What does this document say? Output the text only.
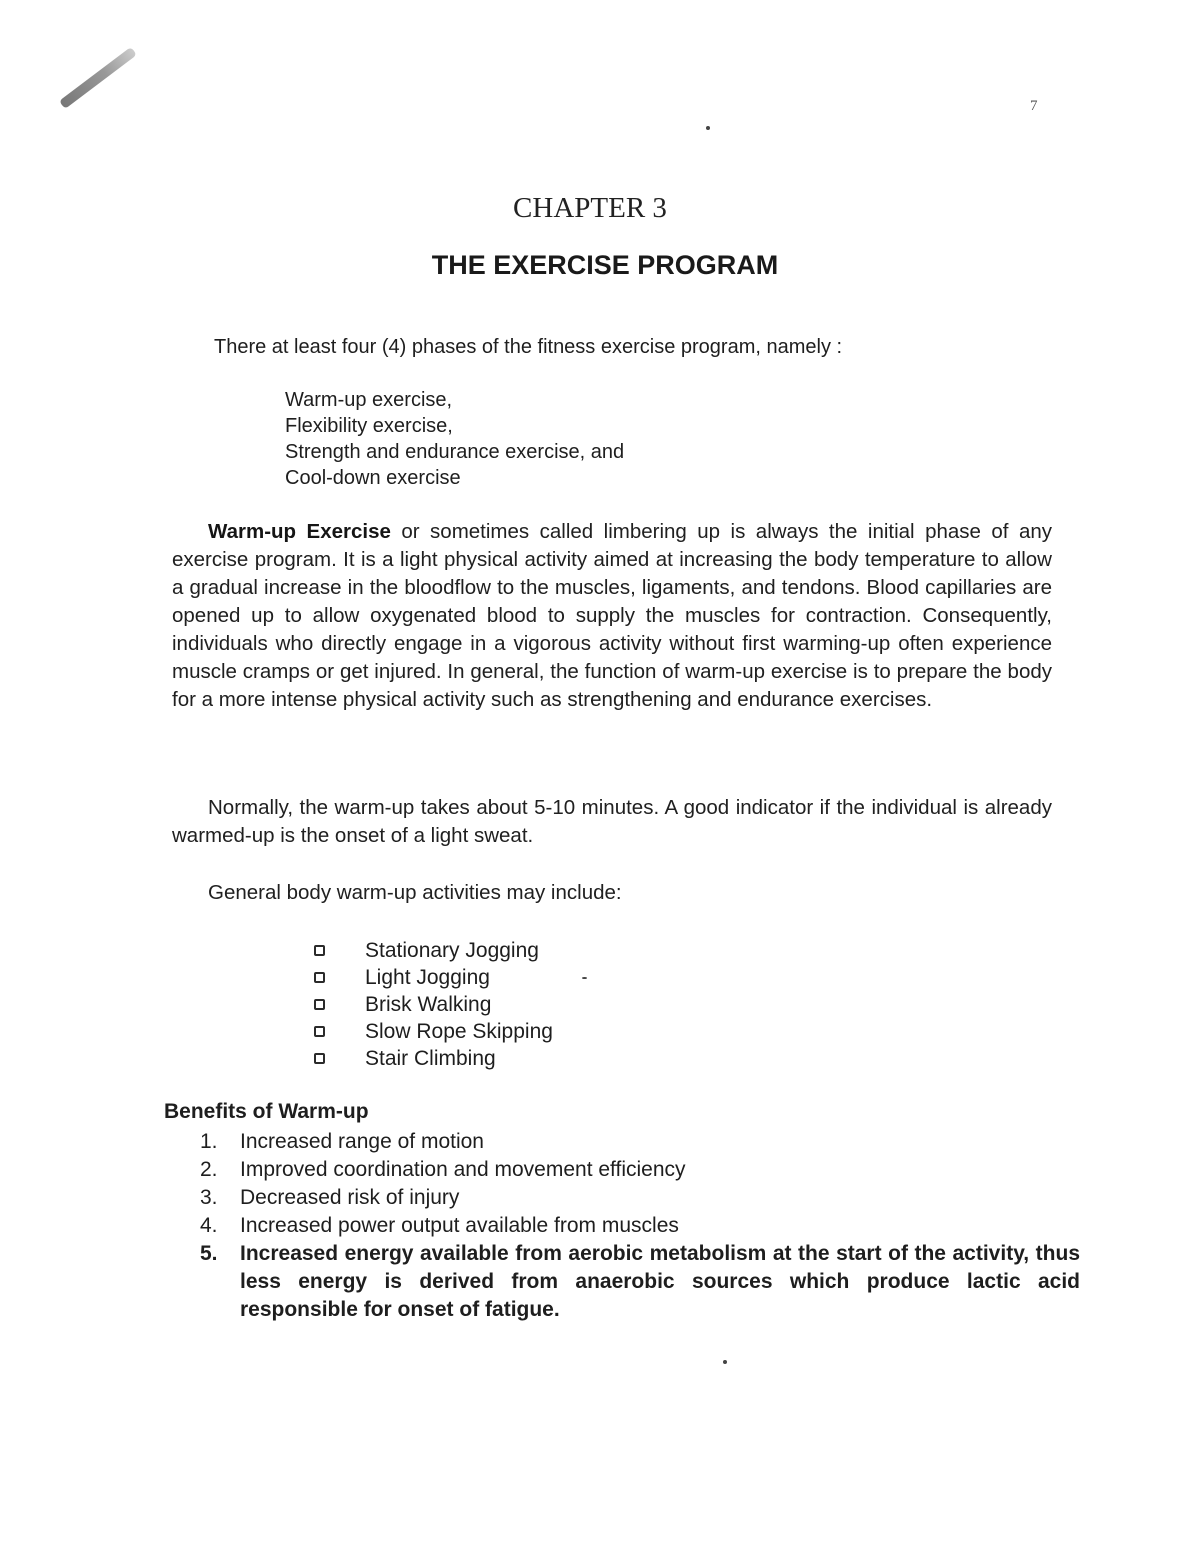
7
CHAPTER 3
THE EXERCISE PROGRAM
There at least four (4) phases of the fitness exercise program, namely :
Warm-up exercise,
Flexibility exercise,
Strength and endurance exercise, and
Cool-down exercise
Warm-up Exercise or sometimes called limbering up is always the initial phase of any exercise program. It is a light physical activity aimed at increasing the body temperature to allow a gradual increase in the bloodflow to the muscles, ligaments, and tendons. Blood capillaries are opened up to allow oxygenated blood to supply the muscles for contraction. Consequently, individuals who directly engage in a vigorous activity without first warming-up often experience muscle cramps or get injured. In general, the function of warm-up exercise is to prepare the body for a more intense physical activity such as strengthening and endurance exercises.
Normally, the warm-up takes about 5-10 minutes. A good indicator if the individual is already warmed-up is the onset of a light sweat.
General body warm-up activities may include:
Stationary Jogging
Light Jogging
Brisk Walking
Slow Rope Skipping
Stair Climbing
Benefits of Warm-up
1.	Increased range of motion
2.	Improved coordination and movement efficiency
3.	Decreased risk of injury
4.	Increased power output available from muscles
5.	Increased energy available from aerobic metabolism at the start of the activity, thus less energy is derived from anaerobic sources which produce lactic acid responsible for onset of fatigue.
